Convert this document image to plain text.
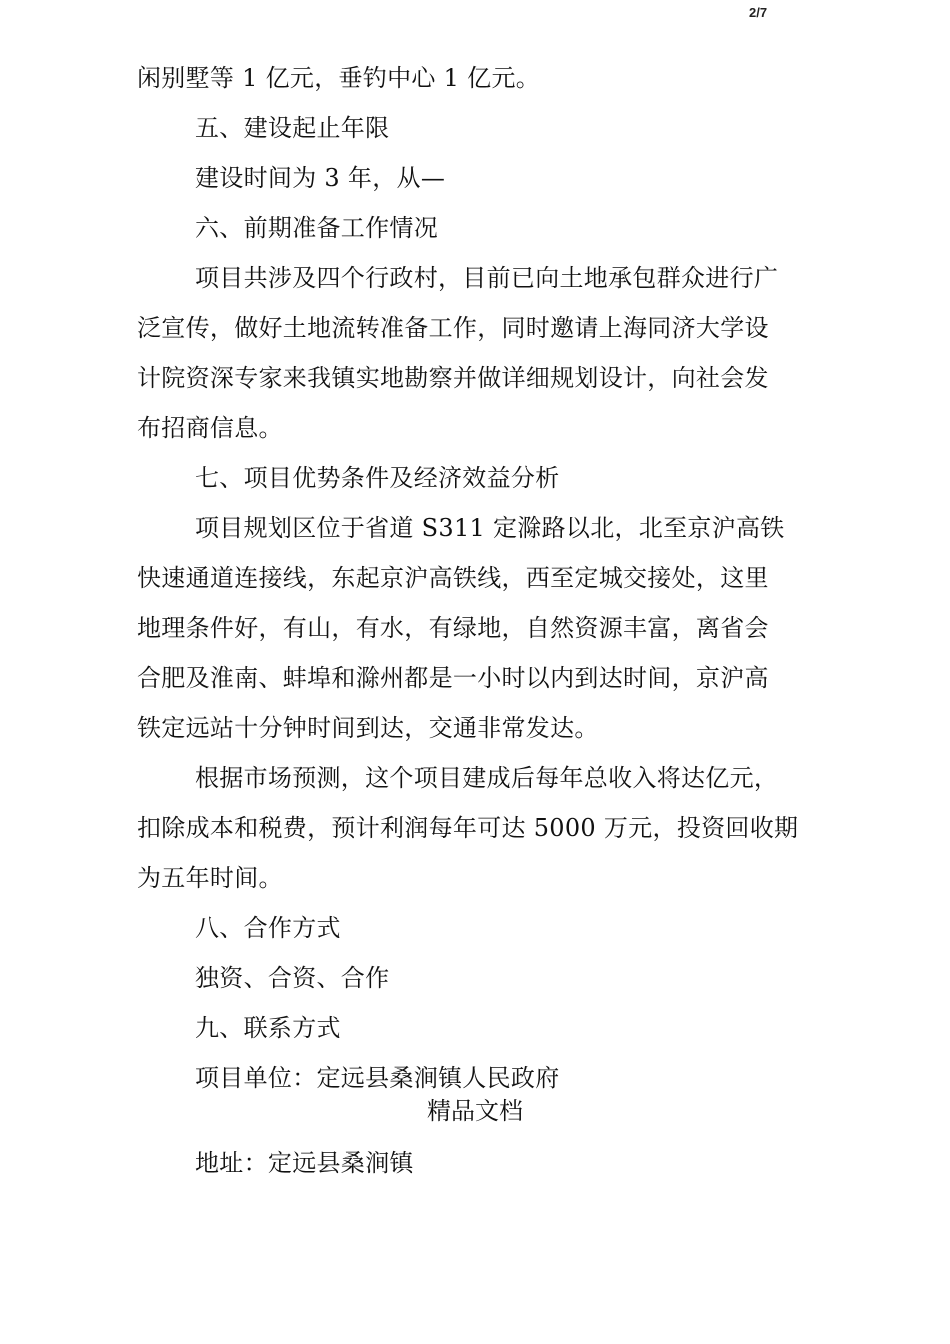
2/7
闲别墅等 1 亿元，垂钓中心 1 亿元。
五、建设起止年限
建设时间为 3 年，从—
六、前期准备工作情况
项目共涉及四个行政村，目前已向土地承包群众进行广
泛宣传，做好土地流转准备工作，同时邀请上海同济大学设
计院资深专家来我镇实地勘察并做详细规划设计，向社会发
布招商信息。
七、项目优势条件及经济效益分析
项目规划区位于省道 S311 定滁路以北，北至京沪高铁
快速通道连接线，东起京沪高铁线，西至定城交接处，这里
地理条件好，有山，有水，有绿地，自然资源丰富，离省会
合肥及淮南、蚌埠和滁州都是一小时以内到达时间，京沪高
铁定远站十分钟时间到达，交通非常发达。
根据市场预测，这个项目建成后每年总收入将达亿元，
扣除成本和税费，预计利润每年可达 5000 万元，投资回收期
为五年时间。
八、合作方式
独资、合资、合作
九、联系方式
项目单位：定远县桑涧镇人民政府
精品文档
地址：定远县桑涧镇
